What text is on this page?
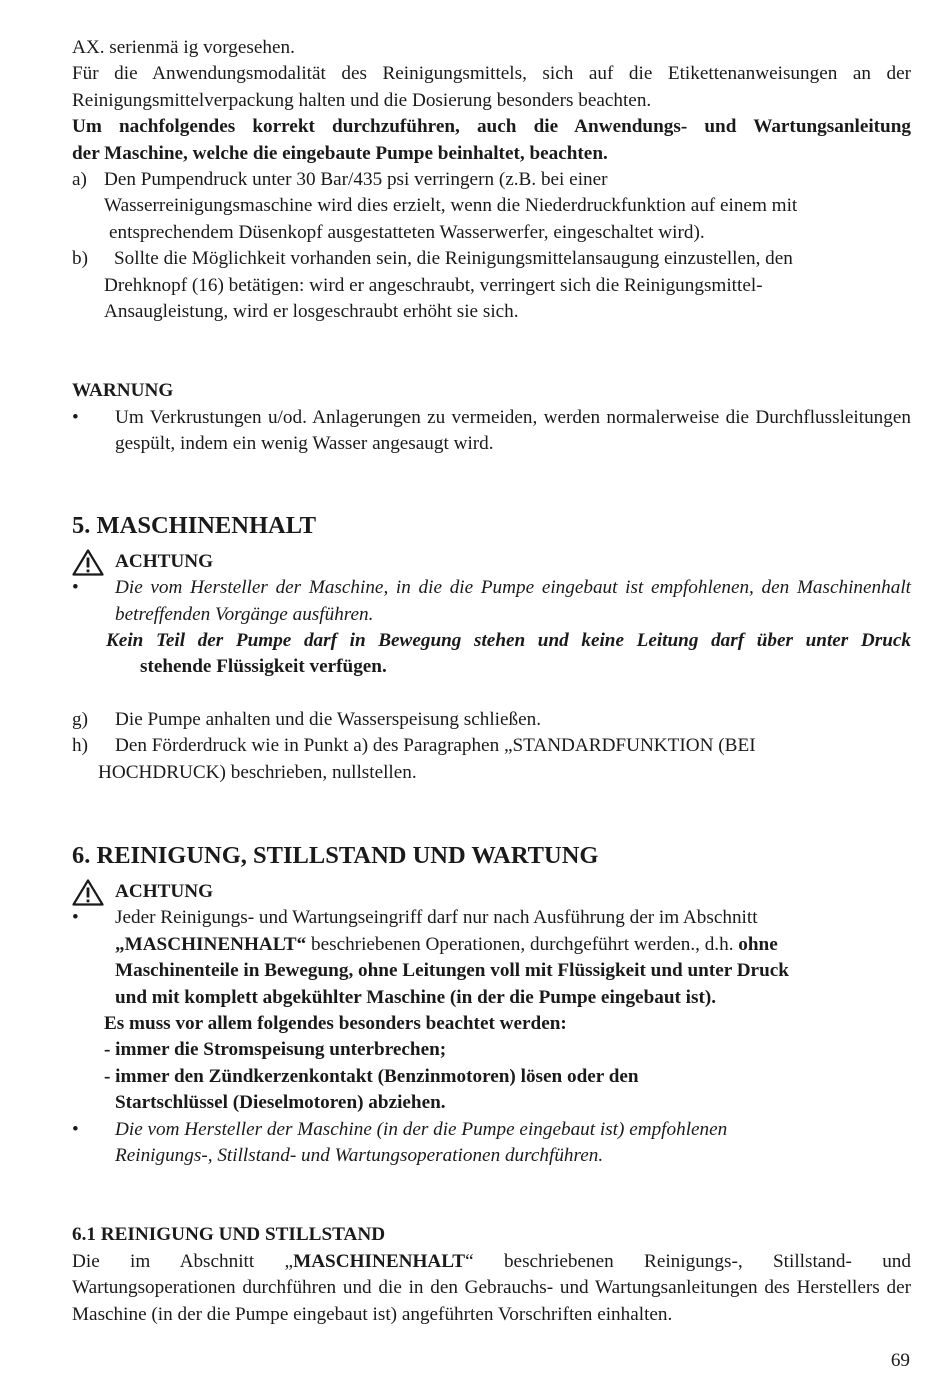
AX. serienmä ig vorgesehen.

Für die Anwendungsmodalität des Reinigungsmittels, sich auf die Etikettenanweisungen an der Reinigungsmittelverpackung halten und die Dosierung besonders beachten.

Um nachfolgendes korrekt durchzuführen, auch die Anwendungs- und Wartungsanleitung

der Maschine, welche die eingebaute Pumpe beinhaltet, beachten.

a) Den Pumpendruck unter 30 Bar/435 psi verringern (z.B. bei einer

Wasserreinigungsmaschine wird dies erzielt, wenn die Niederdruckfunktion auf einem mit

entsprechendem Düsenkopf ausgestatteten Wasserwerfer, eingeschaltet wird).

b)	Sollte die Möglichkeit vorhanden sein, die Reinigungsmittelansaugung einzustellen, den

Drehknopf (16) betätigen: wird er angeschraubt, verringert sich die Reinigungsmittel-

Ansaugleistung, wird er losgeschraubt erhöht sie sich.

WARNUNG

•	Um Verkrustungen u/od. Anlagerungen zu vermeiden, werden normalerweise die Durchflussleitungen gespült, indem ein wenig Wasser angesaugt wird.

5. MASCHINENHALT

ACHTUNG
•	Die vom Hersteller der Maschine, in die die Pumpe eingebaut ist empfohlenen, den Maschinenhalt betreffenden Vorgänge ausführen.

Kein Teil der Pumpe darf in Bewegung stehen und keine Leitung darf über unter Druck

stehende Flüssigkeit verfügen.

g)	Die Pumpe anhalten und die Wasserspeisung schließen.

h)	Den Förderdruck wie in Punkt a) des Paragraphen „STANDARDFUNKTION (BEI

HOCHDRUCK) beschrieben, nullstellen.

6. REINIGUNG, STILLSTAND UND WARTUNG

ACHTUNG
•	Jeder Reinigungs- und Wartungseingriff darf nur nach Ausführung der im Abschnitt

„MASCHINENHALT“ beschriebenen Operationen, durchgeführt werden., d.h. ohne

Maschinenteile in Bewegung, ohne Leitungen voll mit Flüssigkeit und unter Druck

und mit komplett abgekühlter Maschine (in der die Pumpe eingebaut ist).

Es muss vor allem folgendes besonders beachtet werden:

- immer die Stromspeisung unterbrechen;

- immer den Zündkerzenkontakt (Benzinmotoren) lösen oder den

Startschlüssel (Dieselmotoren) abziehen.

•	Die vom Hersteller der Maschine (in der die Pumpe eingebaut ist) empfohlenen

Reinigungs-, Stillstand- und Wartungsoperationen durchführen.

6.1 REINIGUNG UND STILLSTAND

Die im Abschnitt „MASCHINENHALT“ beschriebenen Reinigungs-, Stillstand- und

Wartungsoperationen durchführen und die in den Gebrauchs- und Wartungsanleitungen des Herstellers der Maschine (in der die Pumpe eingebaut ist) angeführten Vorschriften einhalten.

69
